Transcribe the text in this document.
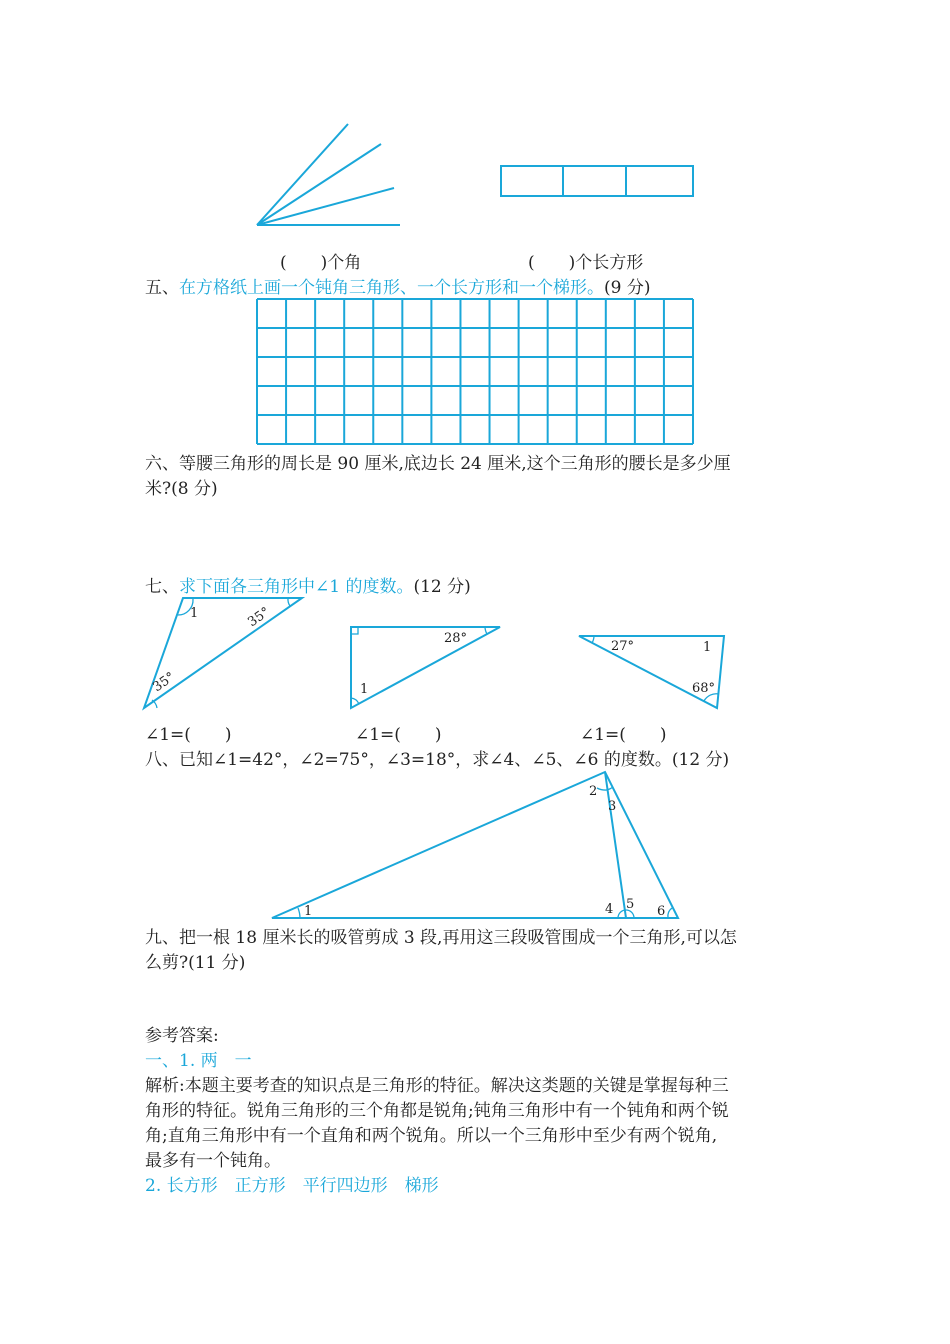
(　　)个角	(　　)个长方形
五、在方格纸上画一个钝角三角形、一个长方形和一个梯形。(9 分)
六、等腰三角形的周长是 90 厘米,底边长 24 厘米,这个三角形的腰长是多少厘
米?(8 分)
七、求下面各三角形中∠1 的度数。(12 分)
1	35°
35°
28°
1
27°	1
68°
∠1=(　　)	∠1=(　　)	∠1=(　　)
八、已知∠1=42°，∠2=75°，∠3=18°，求∠4、∠5、∠6 的度数。(12 分)
1
2
3
4 5 6
九、把一根 18 厘米长的吸管剪成 3 段,再用这三段吸管围成一个三角形,可以怎
么剪?(11 分)
参考答案:
一、1. 两　一
解析:本题主要考查的知识点是三角形的特征。解决这类题的关键是掌握每种三
角形的特征。锐角三角形的三个角都是锐角;钝角三角形中有一个钝角和两个锐
角;直角三角形中有一个直角和两个锐角。所以一个三角形中至少有两个锐角,
最多有一个钝角。
2. 长方形　正方形　平行四边形　梯形
